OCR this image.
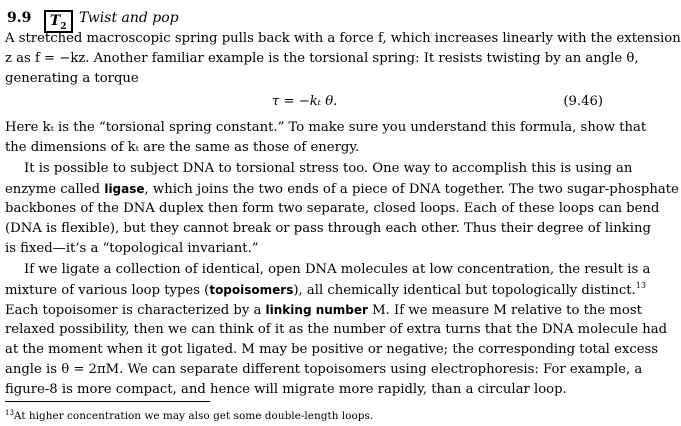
9.9 $T_2$ Twist and pop
A stretched macroscopic spring pulls back with a force f, which increases linearly with the extension
z as f = −kz. Another familiar example is the torsional spring: It resists twisting by an angle θ,
generating a torque
τ = −kₜ θ.	(9.46)
Here kₜ is the “torsional spring constant.” To make sure you understand this formula, show that
the dimensions of kₜ are the same as those of energy.
It is possible to subject DNA to torsional stress too. One way to accomplish this is using an
enzyme called ligase, which joins the two ends of a piece of DNA together. The two sugar-phosphate
backbones of the DNA duplex then form two separate, closed loops. Each of these loops can bend
(DNA is flexible), but they cannot break or pass through each other. Thus their degree of linking
is fixed—it’s a “topological invariant.”
If we ligate a collection of identical, open DNA molecules at low concentration, the result is a
mixture of various loop types (topoisomers), all chemically identical but topologically distinct.$^{13}$
Each topoisomer is characterized by a linking number M. If we measure M relative to the most
relaxed possibility, then we can think of it as the number of extra turns that the DNA molecule had
at the moment when it got ligated. M may be positive or negative; the corresponding total excess
angle is θ = 2πM. We can separate different topoisomers using electrophoresis: For example, a
figure-8 is more compact, and hence will migrate more rapidly, than a circular loop.
$^{13}$At higher concentration we may also get some double-length loops.
